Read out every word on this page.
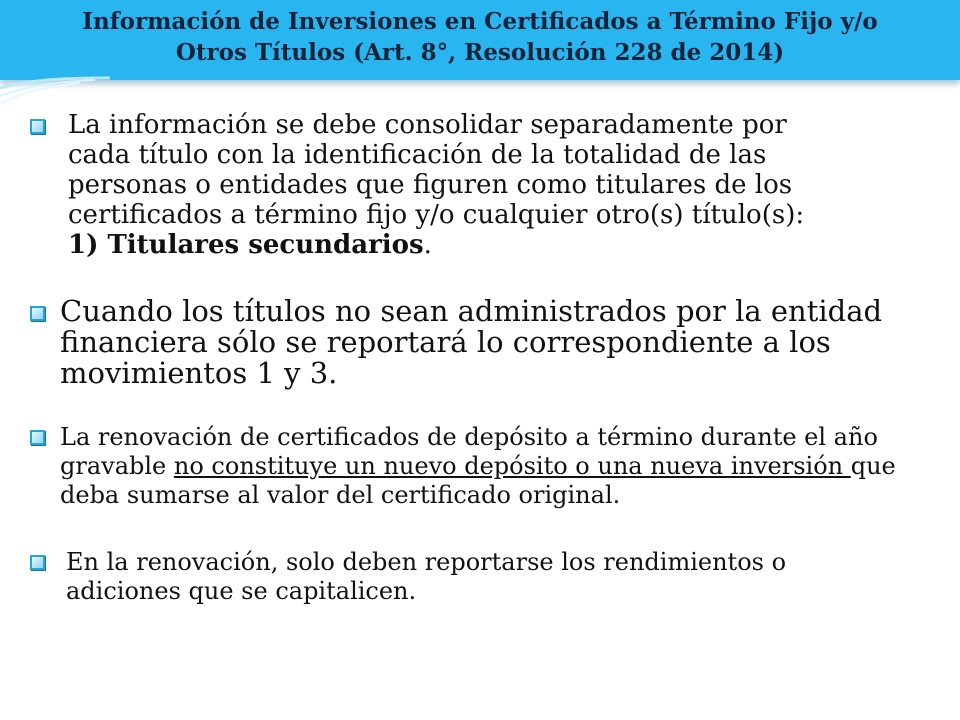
Información de Inversiones en Certificados a Término Fijo y/o
Otros Títulos (Art. 8°, Resolución 228 de 2014)
La información se debe consolidar separadamente por
cada título con la identificación de la totalidad de las
personas o entidades que figuren como titulares de los
certificados a término fijo y/o cualquier otro(s) título(s):
1) Titulares secundarios.
Cuando los títulos no sean administrados por la entidad
financiera sólo se reportará lo correspondiente a los
movimientos 1 y 3.
La renovación de certificados de depósito a término durante el año gravable no constituye un nuevo depósito o una nueva inversión que deba sumarse al valor del certificado original.
En la renovación, solo deben reportarse los rendimientos o
adiciones que se capitalicen.
